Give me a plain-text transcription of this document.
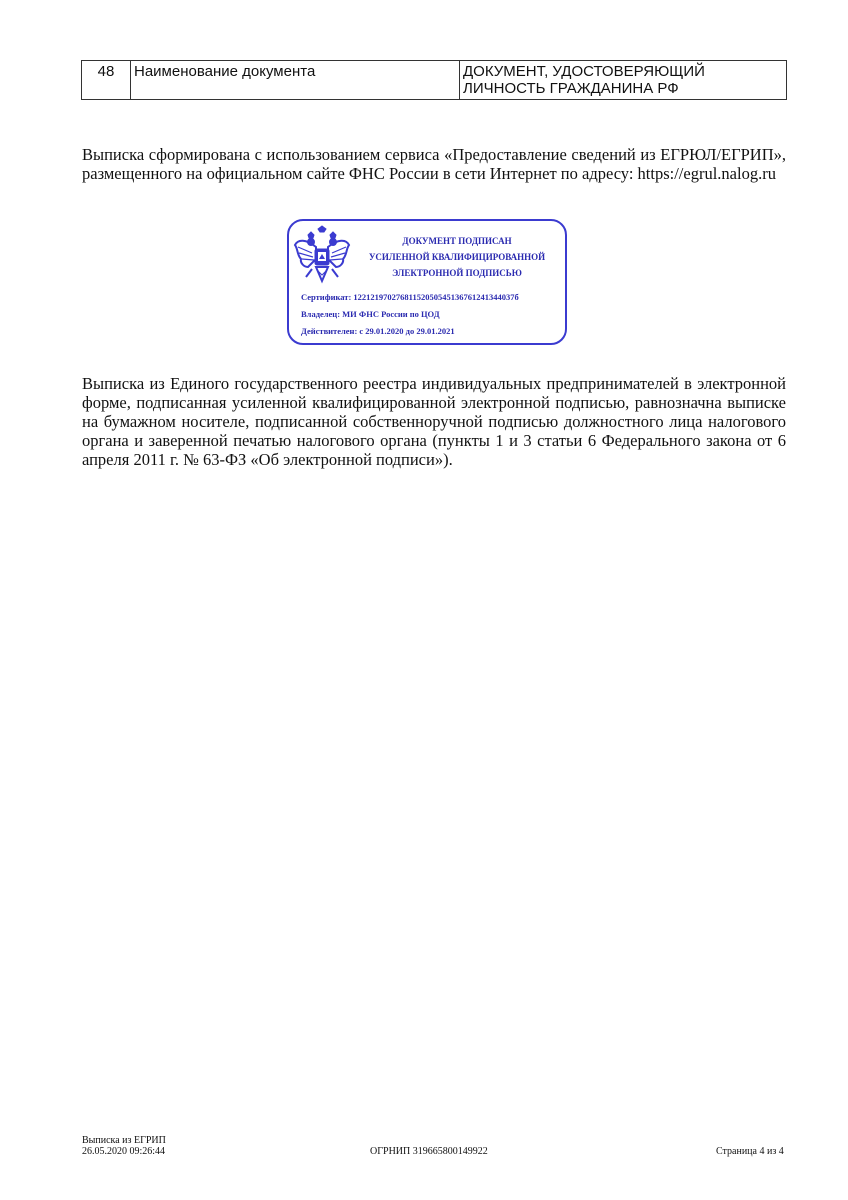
48	Наименование документа	ДОКУМЕНТ, УДОСТОВЕРЯЮЩИЙ ЛИЧНОСТЬ ГРАЖДАНИНА РФ

Выписка сформирована с использованием сервиса «Предоставление сведений из ЕГРЮЛ/ЕГРИП», размещенного на официальном сайте ФНС России в сети Интернет по адресу: https://egrul.nalog.ru

ДОКУМЕНТ ПОДПИСАН
УСИЛЕННОЙ КВАЛИФИЦИРОВАННОЙ
ЭЛЕКТРОННОЙ ПОДПИСЬЮ
Сертификат: 12212197027681152050545136761241344037б
Владелец: МИ ФНС России по ЦОД
Действителен: с 29.01.2020 до 29.01.2021

Выписка из Единого государственного реестра индивидуальных предпринимателей в электронной форме, подписанная усиленной квалифицированной электронной подписью, равнозначна выписке на бумажном носителе, подписанной собственноручной подписью должностного лица налогового органа и заверенной печатью налогового органа (пункты 1 и 3 статьи 6 Федерального закона от 6 апреля 2011 г. № 63-ФЗ «Об электронной подписи»).

Выписка из ЕГРИП
26.05.2020 09:26:44	ОГРНИП 319665800149922	Страница 4 из 4
